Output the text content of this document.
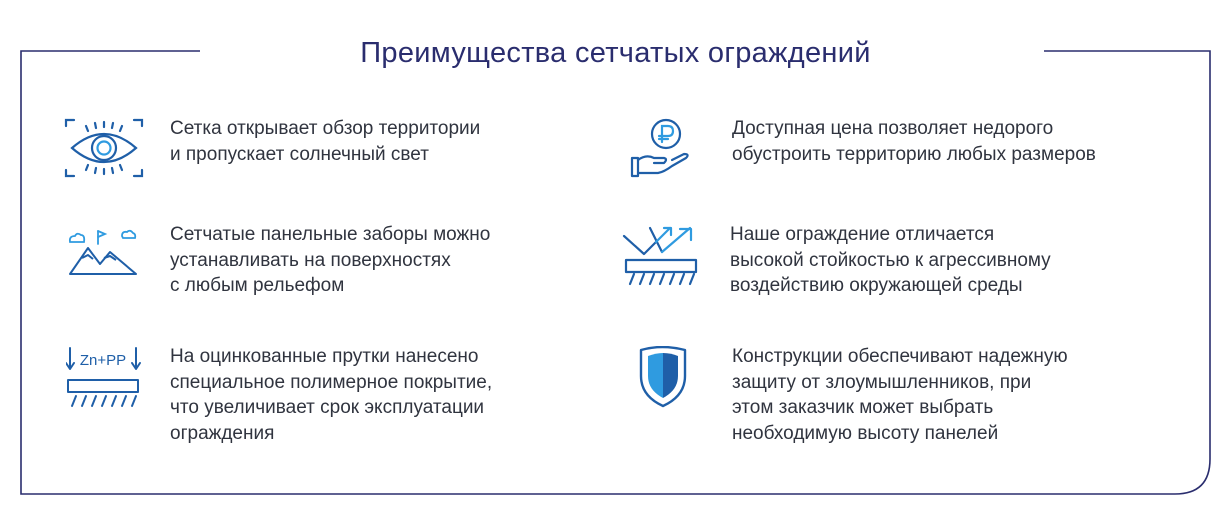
Преимущества сетчатых ограждений
Сетка открывает обзор территории
и пропускает солнечный свет
Доступная цена позволяет недорого
обустроить территорию любых размеров
Сетчатые панельные заборы можно
устанавливать на поверхностях
с любым рельефом
Наше ограждение отличается
высокой стойкостью к агрессивному
воздействию окружающей среды
Zn+PP На оцинкованные прутки нанесено
специальное полимерное покрытие,
что увеличивает срок эксплуатации
ограждения
Конструкции обеспечивают надежную
защиту от злоумышленников, при
этом заказчик может выбрать
необходимую высоту панелей
